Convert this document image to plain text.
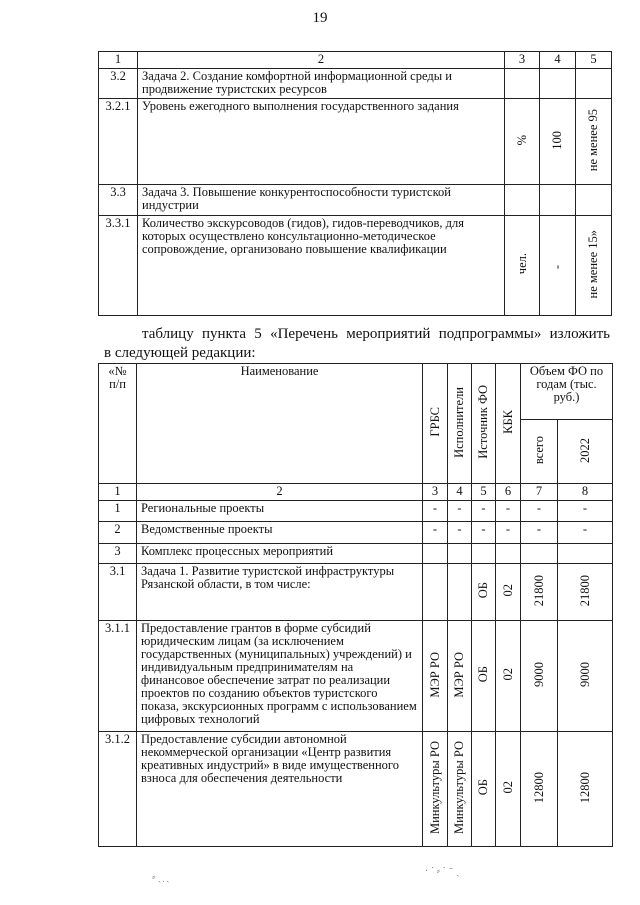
19
1	2	3	4	5
3.2	Задача 2. Создание комфортной информационной среды и продвижение туристских ресурсов			
3.2.1	Уровень ежегодного выполнения государственного задания	%	100	не менее 95
3.3	Задача 3. Повышение конкурентоспособности туристской индустрии			
3.3.1	Количество экскурсоводов (гидов), гидов-переводчиков, для которых осуществлено консультационно-методическое сопровождение, организовано повышение квалификации	чел.	-	не менее 15»
таблицу пункта 5 «Перечень мероприятий подпрограммы» изложить
в следующей редакции:
«№ п/п	Наименование	ГРБС	Исполнители	Источник ФО	КБК	Объем ФО по годам (тыс. руб.)	
						всего	2022
1	2	3	4	5	6	7	8
1	Региональные проекты	-	-	-	-	-	-
2	Ведомственные проекты	-	-	-	-	-	-
3	Комплекс процессных мероприятий						
3.1	Задача 1. Развитие туристской инфраструктуры Рязанской области, в том числе:			ОБ	02	21800	21800
3.1.1	Предоставление грантов в форме субсидий юридическим лицам (за исключением государственных (муниципальных) учреждений) и индивидуальным предпринимателям на финансовое обеспечение затрат по реализации проектов по созданию объектов туристского показа, экскурсионных программ с использованием цифровых технологий	МЭР РО	МЭР РО	ОБ	02	9000	9000
3.1.2	Предоставление субсидии автономной некоммерческой организации «Центр развития креативных индустрий» в виде имущественного взноса для обеспечения деятельности	Минкультуры РО	Минкультуры РО	ОБ	02	12800	12800
⸗ ˎ ̣ ˏ
· ˙ ⸗ ˙ ⁻ ˎ
